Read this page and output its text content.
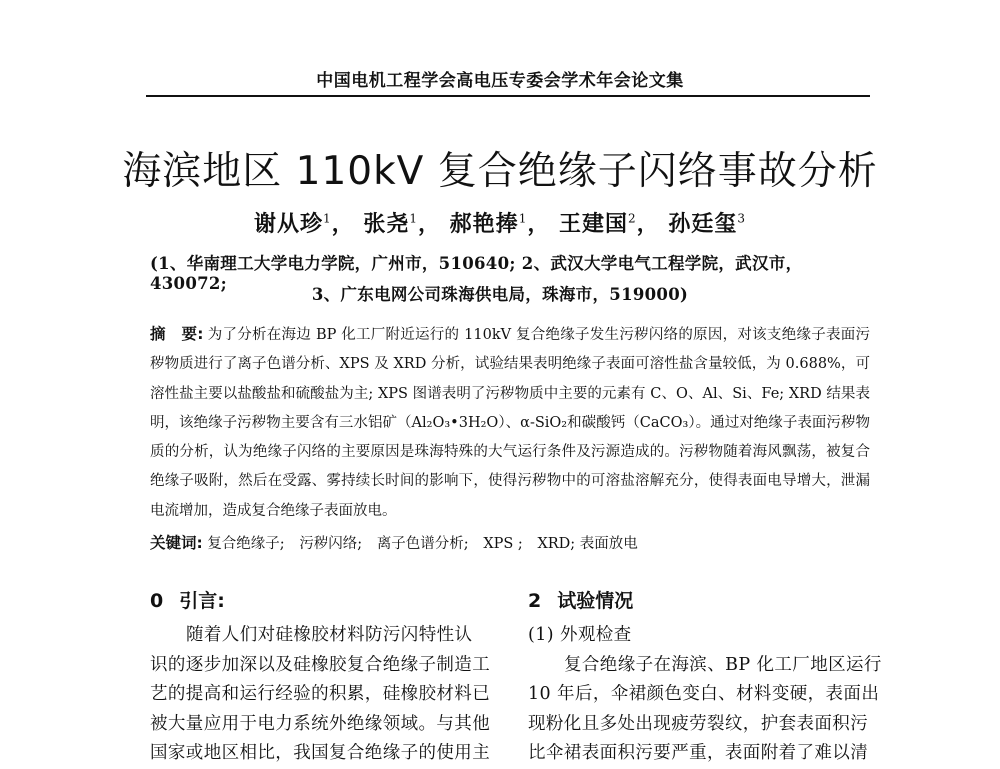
中国电机工程学会高电压专委会学术年会论文集
海滨地区 110kV 复合绝缘子闪络事故分析
谢从珍$^1$， 张尧$^1$， 郝艳捧$^1$， 王建国$^2$， 孙廷玺$^3$
(1、华南理工大学电力学院，广州市，510640; 2、武汉大学电气工程学院，武汉市，430072;
3、广东电网公司珠海供电局，珠海市，519000)
摘　要: 为了分析在海边 BP 化工厂附近运行的 110kV 复合绝缘子发生污秽闪络的原因，对该支绝缘子表面污秽物质进行了离子色谱分析、XPS 及 XRD 分析，试验结果表明绝缘子表面可溶性盐含量较低，为 0.688%，可溶性盐主要以盐酸盐和硫酸盐为主; XPS 图谱表明了污秽物质中主要的元素有 C、O、Al、Si、Fe; XRD 结果表明，该绝缘子污秽物主要含有三水铝矿（Al₂O₃•3H₂O）、α-SiO₂和碳酸钙（CaCO₃）。通过对绝缘子表面污秽物质的分析，认为绝缘子闪络的主要原因是珠海特殊的大气运行条件及污源造成的。污秽物随着海风飘荡，被复合绝缘子吸附，然后在受露、雾持续长时间的影响下，使得污秽物中的可溶盐溶解充分，使得表面电导增大，泄漏电流增加，造成复合绝缘子表面放电。
关键词: 复合绝缘子; 污秽闪络; 离子色谱分析; XPS ; XRD; 表面放电
0 引言:	2 试验情况
随着人们对硅橡胶材料防污闪特性认
识的逐步加深以及硅橡胶复合绝缘子制造工
艺的提高和运行经验的积累，硅橡胶材料已
被大量应用于电力系统外绝缘领域。与其他
国家或地区相比，我国复合绝缘子的使用主
(1) 外观检查
复合绝缘子在海滨、BP 化工厂地区运行
10 年后，伞裙颜色变白、材料变硬，表面出
现粉化且多处出现疲劳裂纹，护套表面积污
比伞裙表面积污要严重，表面附着了难以清
